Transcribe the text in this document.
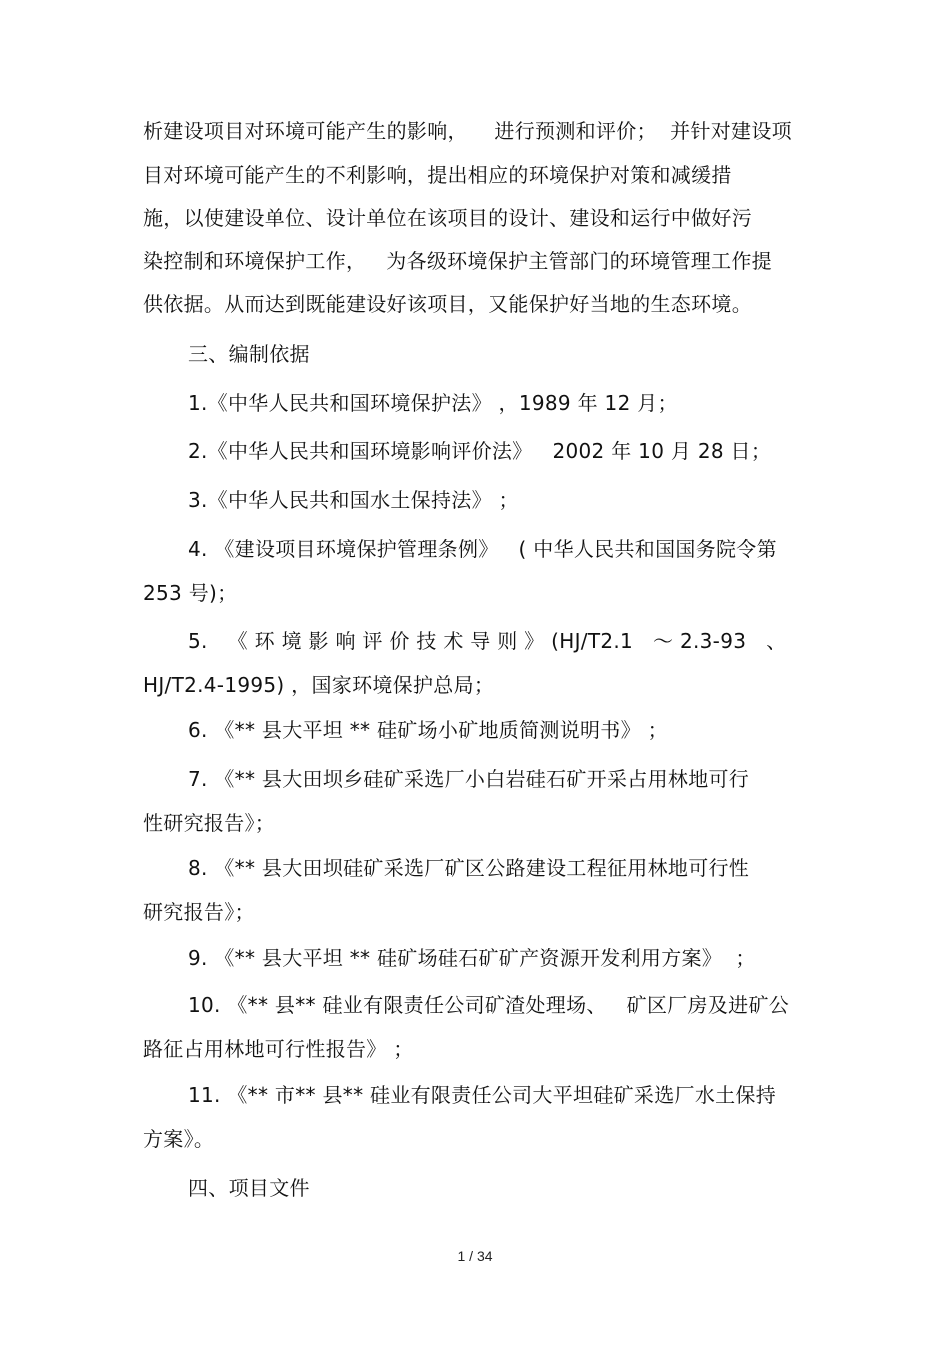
析建设项目对环境可能产生的影响，    进行预测和评价；  并针对建设项
目对环境可能产生的不利影响，提出相应的环境保护对策和减缓措
施，以使建设单位、设计单位在该项目的设计、建设和运行中做好污
染控制和环境保护工作，   为各级环境保护主管部门的环境管理工作提
供依据。从而达到既能建设好该项目，又能保护好当地的生态环境。
三、编制依据
1.《中华人民共和国环境保护法》 ，1989 年 12 月；
2.《中华人民共和国环境影响评价法》   2002 年 10 月 28 日；
3.《中华人民共和国水土保持法》 ；
4. 《建设项目环境保护管理条例》   ( 中华人民共和国国务院令第
253 号)；
5.   《 环 境 影 响 评 价 技 术 导 则 》 (HJ/T2.1   ～ 2.3-93   、
HJ/T2.4-1995) ，国家环境保护总局；
6. 《** 县大平坦 ** 硅矿场小矿地质简测说明书》 ；
7. 《** 县大田坝乡硅矿采选厂小白岩硅石矿开采占用林地可行
性研究报告》；
8. 《** 县大田坝硅矿采选厂矿区公路建设工程征用林地可行性
研究报告》；
9. 《** 县大平坦 ** 硅矿场硅石矿矿产资源开发利用方案》  ；
10. 《** 县** 硅业有限责任公司矿渣处理场、   矿区厂房及进矿公
路征占用林地可行性报告》 ；
11. 《** 市** 县** 硅业有限责任公司大平坦硅矿采选厂水土保持
方案》。
四、项目文件
1 / 34
